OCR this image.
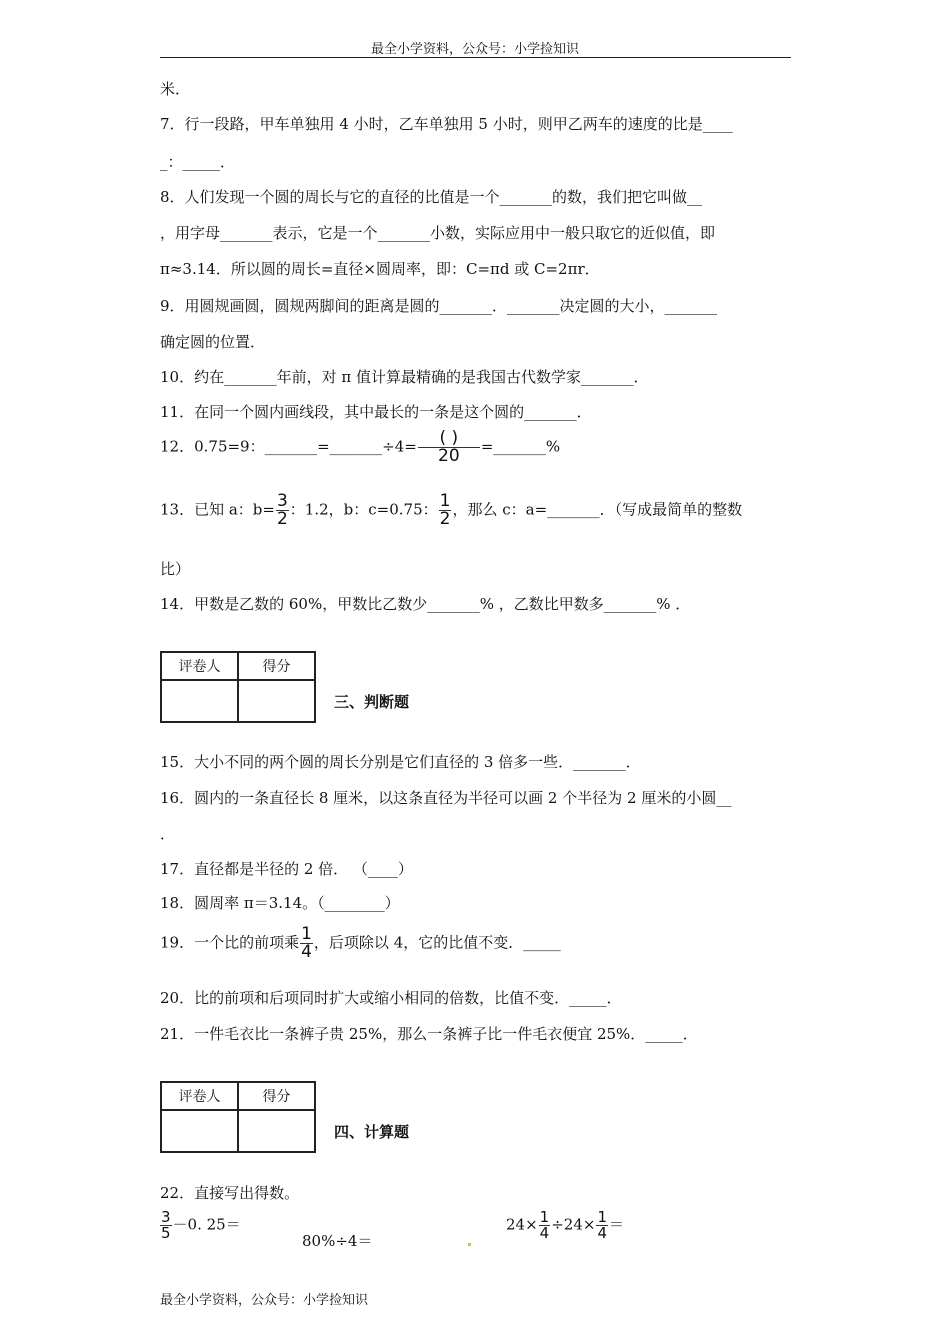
最全小学资料，公众号：小学捡知识
米．
7．行一段路，甲车单独用 4 小时，乙车单独用 5 小时，则甲乙两车的速度的比是____
_：_____．
8．人们发现一个圆的周长与它的直径的比值是一个_______的数，我们把它叫做__
，用字母_______表示，它是一个_______小数，实际应用中一般只取它的近似值，即
π≈3.14．所以圆的周长=直径×圆周率，即：C=πd 或 C=2πr．
9．用圆规画圆，圆规两脚间的距离是圆的_______．_______决定圆的大小，_______
确定圆的位置．
10．约在_______年前，对 π 值计算最精确的是我国古代数学家_______．
11．在同一个圆内画线段，其中最长的一条是这个圆的_______．
12．0.75=9：_______=_______÷4= $\frac{( )}{20}$ =_______%
13．已知 a：$b= \frac{3}{2}$ ：1.2，b：c=0.75： $\frac{1}{2}$ ，那么 c：a=_______．（写成最简单的整数
比）
14．甲数是乙数的 60%，甲数比乙数少_______% ，乙数比甲数多_______% ．
评卷人	得分

三、判断题
15．大小不同的两个圆的周长分别是它们直径的 3 倍多一些．_______．
16．圆内的一条直径长 8 厘米，以这条直径为半径可以画 2 个半径为 2 厘米的小圆__
．
17．直径都是半径的 2 倍． （____）
18．圆周率 π＝3.14。（________）
19．一个比的前项乘 $\frac{1}{4}$ ，后项除以 4，它的比值不变．_____
20．比的前项和后项同时扩大或缩小相同的倍数，比值不变．_____．
21．一件毛衣比一条裤子贵 25%，那么一条裤子比一件毛衣便宜 25%．_____．
评卷人	得分

四、计算题
22．直接写出得数。
$\frac{3}{5} -0$. 25＝
80%÷4＝
$24\times \frac{1}{4} \div 24\times \frac{1}{4}$ ＝
最全小学资料，公众号：小学捡知识
